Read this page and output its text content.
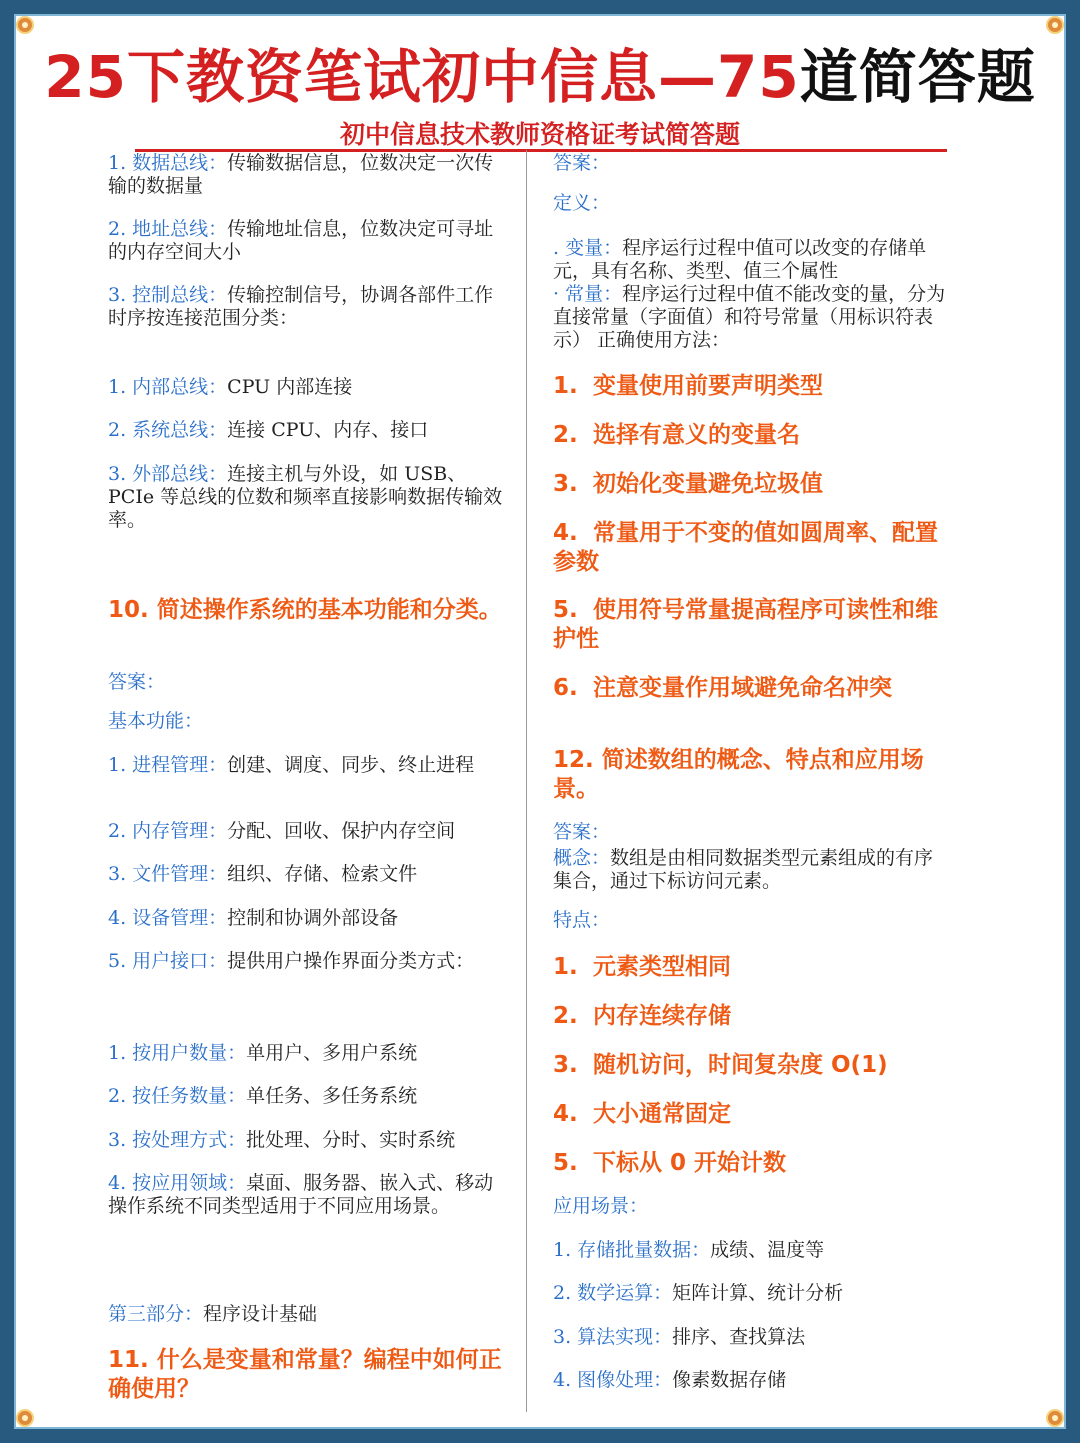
25下教资笔试初中信息—75道简答题
初中信息技术教师资格证考试简答题
1. 数据总线：传输数据信息，位数决定一次传输的数据量
2. 地址总线：传输地址信息，位数决定可寻址的内存空间大小
3. 控制总线：传输控制信号，协调各部件工作时序按连接范围分类：
1. 内部总线：CPU 内部连接
2. 系统总线：连接 CPU、内存、接口
3. 外部总线：连接主机与外设，如 USB、PCIe 等总线的位数和频率直接影响数据传输效率。
10. 简述操作系统的基本功能和分类。
答案：
基本功能：
1. 进程管理：创建、调度、同步、终止进程
2. 内存管理：分配、回收、保护内存空间
3. 文件管理：组织、存储、检索文件
4. 设备管理：控制和协调外部设备
5. 用户接口：提供用户操作界面分类方式：
1. 按用户数量：单用户、多用户系统
2. 按任务数量：单任务、多任务系统
3. 按处理方式：批处理、分时、实时系统
4. 按应用领域：桌面、服务器、嵌入式、移动操作系统不同类型适用于不同应用场景。
第三部分：程序设计基础
11. 什么是变量和常量？编程中如何正确使用？
答案：
定义：
. 变量：程序运行过程中值可以改变的存储单元，具有名称、类型、值三个属性
· 常量：程序运行过程中值不能改变的量，分为直接常量（字面值）和符号常量（用标识符表示） 正确使用方法：
1. 变量使用前要声明类型
2. 选择有意义的变量名
3. 初始化变量避免垃圾值
4. 常量用于不变的值如圆周率、配置参数
5. 使用符号常量提高程序可读性和维护性
6. 注意变量作用域避免命名冲突
12. 简述数组的概念、特点和应用场景。
答案：
概念：数组是由相同数据类型元素组成的有序集合，通过下标访问元素。
特点：
1. 元素类型相同
2. 内存连续存储
3. 随机访问，时间复杂度 O(1)
4. 大小通常固定
5. 下标从 0 开始计数
应用场景：
1. 存储批量数据：成绩、温度等
2. 数学运算：矩阵计算、统计分析
3. 算法实现：排序、查找算法
4. 图像处理：像素数据存储
